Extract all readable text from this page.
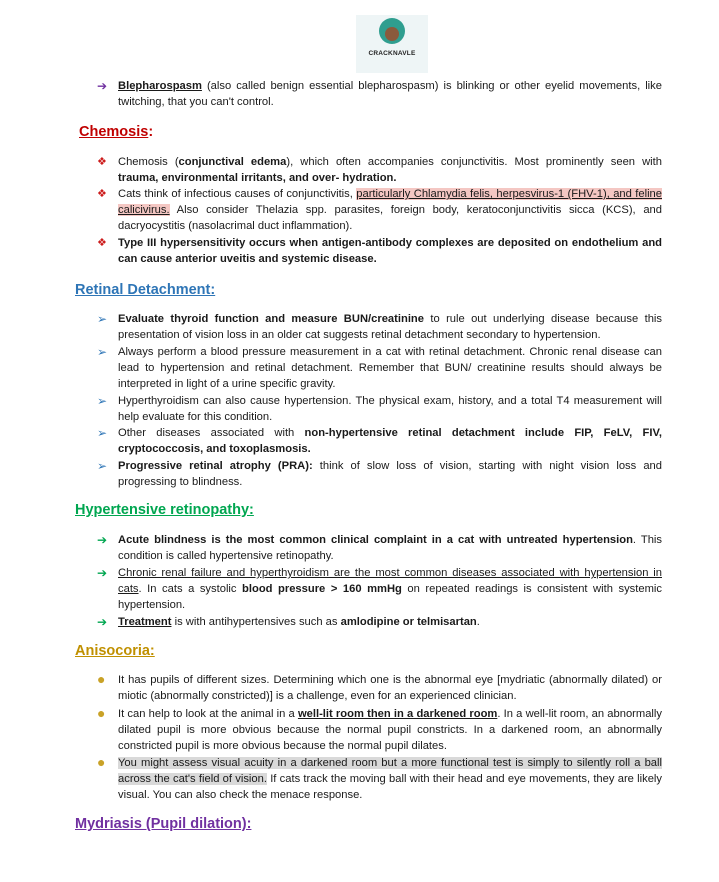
CRACKNAVLE
➔ Blepharospasm (also called benign essential blepharospasm) is blinking or other eyelid movements, like twitching, that you can't control.
Chemosis:
❖ Chemosis (conjunctival edema), which often accompanies conjunctivitis. Most prominently seen with trauma, environmental irritants, and over- hydration.
❖ Cats think of infectious causes of conjunctivitis, particularly Chlamydia felis, herpesvirus-1 (FHV-1), and feline calicivirus. Also consider Thelazia spp. parasites, foreign body, keratoconjunctivitis sicca (KCS), and dacryocystitis (nasolacrimal duct inflammation).
❖ Type III hypersensitivity occurs when antigen-antibody complexes are deposited on endothelium and can cause anterior uveitis and systemic disease.
Retinal Detachment:
➢ Evaluate thyroid function and measure BUN/creatinine to rule out underlying disease because this presentation of vision loss in an older cat suggests retinal detachment secondary to hypertension.
➢ Always perform a blood pressure measurement in a cat with retinal detachment. Chronic renal disease can lead to hypertension and retinal detachment. Remember that BUN/ creatinine results should always be interpreted in light of a urine specific gravity.
➢ Hyperthyroidism can also cause hypertension. The physical exam, history, and a total T4 measurement will help evaluate for this condition.
➢ Other diseases associated with non-hypertensive retinal detachment include FIP, FeLV, FIV, cryptococcosis, and toxoplasmosis.
➢ Progressive retinal atrophy (PRA): think of slow loss of vision, starting with night vision loss and progressing to blindness.
Hypertensive retinopathy:
➔ Acute blindness is the most common clinical complaint in a cat with untreated hypertension. This condition is called hypertensive retinopathy.
➔ Chronic renal failure and hyperthyroidism are the most common diseases associated with hypertension in cats. In cats a systolic blood pressure > 160 mmHg on repeated readings is consistent with systemic hypertension.
➔ Treatment is with antihypertensives such as amlodipine or telmisartan.
Anisocoria:
● It has pupils of different sizes. Determining which one is the abnormal eye [mydriatic (abnormally dilated) or miotic (abnormally constricted)] is a challenge, even for an experienced clinician.
● It can help to look at the animal in a well-lit room then in a darkened room. In a well-lit room, an abnormally dilated pupil is more obvious because the normal pupil constricts. In a darkened room, an abnormally constricted pupil is more obvious because the normal pupil dilates.
● You might assess visual acuity in a darkened room but a more functional test is simply to silently roll a ball across the cat's field of vision. If cats track the moving ball with their head and eye movements, they are likely visual. You can also check the menace response.
Mydriasis (Pupil dilation):
